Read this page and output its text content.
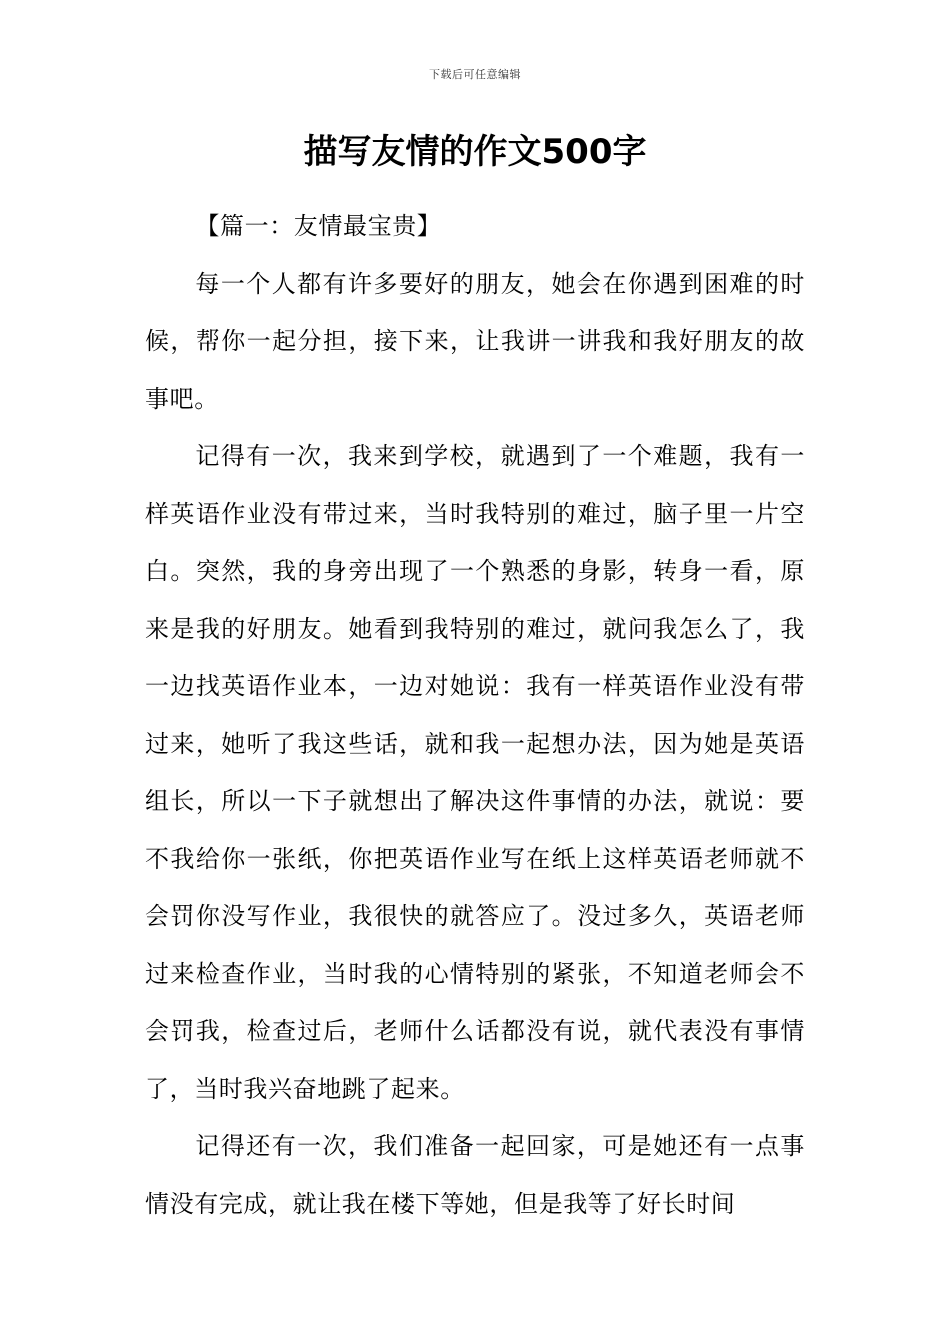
下载后可任意编辑
描写友情的作文500字

【篇一：友情最宝贵】

每一个人都有许多要好的朋友，她会在你遇到困难的时候，帮你一起分担，接下来，让我讲一讲我和我好朋友的故事吧。

记得有一次，我来到学校，就遇到了一个难题，我有一样英语作业没有带过来，当时我特别的难过，脑子里一片空白。突然，我的身旁出现了一个熟悉的身影，转身一看，原来是我的好朋友。她看到我特别的难过，就问我怎么了，我一边找英语作业本，一边对她说：我有一样英语作业没有带过来，她听了我这些话，就和我一起想办法，因为她是英语组长，所以一下子就想出了解决这件事情的办法，就说：要不我给你一张纸，你把英语作业写在纸上这样英语老师就不会罚你没写作业，我很快的就答应了。没过多久，英语老师过来检查作业，当时我的心情特别的紧张，不知道老师会不会罚我，检查过后，老师什么话都没有说，就代表没有事情了，当时我兴奋地跳了起来。

记得还有一次，我们准备一起回家，可是她还有一点事情没有完成，就让我在楼下等她，但是我等了好长时间
